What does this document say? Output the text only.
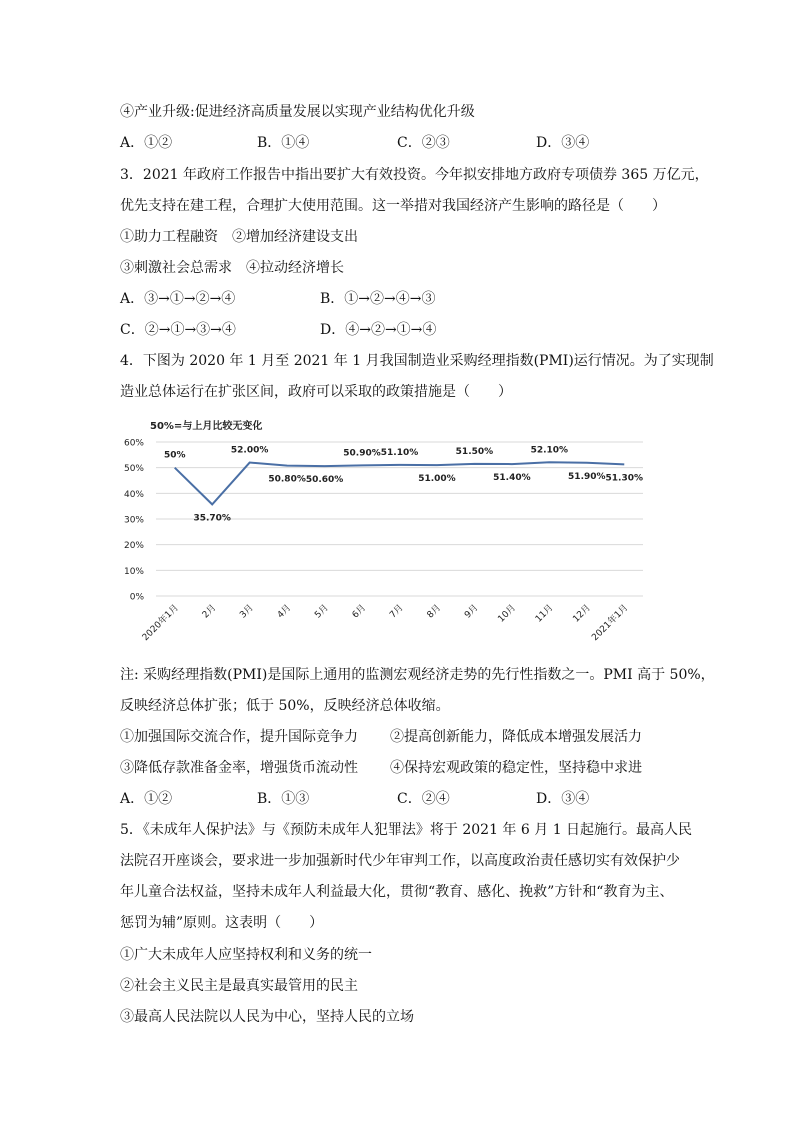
④产业升级:促进经济高质量发展以实现产业结构优化升级
A．①②	B．①④	C．②③	D．③④
3．2021 年政府工作报告中指出要扩大有效投资。今年拟安排地方政府专项债券 365 万亿元，
优先支持在建工程，合理扩大使用范围。这一举措对我国经济产生影响的路径是（　　）
①助力工程融资　②增加经济建设支出
③刺激社会总需求　④拉动经济增长
A．③→①→②→④	B．①→②→④→③
C．②→①→③→④	D．④→②→①→④
4．下图为 2020 年 1 月至 2021 年 1 月我国制造业采购经理指数(PMI)运行情况。为了实现制
造业总体运行在扩张区间，政府可以采取的政策措施是（　　）
50%=与上月比较无变化
0%
10%
20%
30%
40%
50%
60%
2020年1月 2月 3月 4月 5月 6月 7月 8月 9月 10月 11月 12月
2021年1月
50%
35.70%
52.00%
50.80% 50.60%
50.90% 51.10%
51.00%
51.50%
51.40%
52.10%
51.90% 51.30%
注: 采购经理指数(PMI)是国际上通用的监测宏观经济走势的先行性指数之一。PMI 高于 50%，
反映经济总体扩张；低于 50%，反映经济总体收缩。
①加强国际交流合作，提升国际竞争力 ②提高创新能力，降低成本增强发展活力
③降低存款准备金率，增强货币流动性 ④保持宏观政策的稳定性，坚持稳中求进
A．①②	B．①③	C．②④	D．③④
5．《未成年人保护法》与《预防未成年人犯罪法》将于 2021 年 6 月 1 日起施行。最高人民
法院召开座谈会，要求进一步加强新时代少年审判工作，以高度政治责任感切实有效保护少
年儿童合法权益，坚持未成年人利益最大化，贯彻“教育、感化、挽救”方针和“教育为主、
惩罚为辅”原则。这表明（　　）
①广大未成年人应坚持权利和义务的统一
②社会主义民主是最真实最管用的民主
③最高人民法院以人民为中心，坚持人民的立场
